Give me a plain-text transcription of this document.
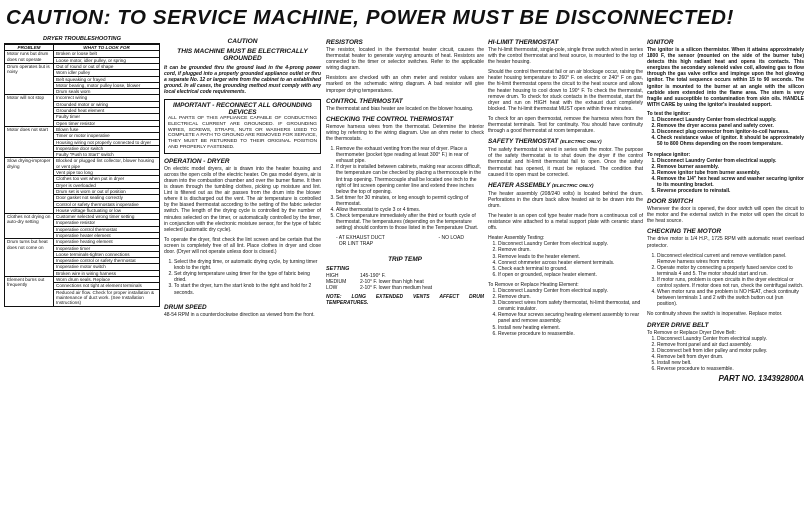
CAUTION: TO SERVICE MACHINE, POWER MUST BE DISCONNECTED!
DRYER TROUBLESHOOTING
PROBLEM	WHAT TO LOOK FOR
Motor runs but drum does not operate	Broken or loose belt
	Loose motor, idler pulley, or spring
Drum operates but is noisy	Out of round or out of shape
	Worn idler pulley
	Belt squeaking or frayed
	Motor bearing, motor pulley loose, blower
	Drum seals worn
Motor will not stop	Incorrect wiring
	Grounded motor or wiring
	Grounded heat element
	Faulty timer
	Open timer resistor
Motor does not start	Blown fuse
	Timer or motor inoperative
	Housing wiring not properly connected to dryer
	Inoperative door switch
	Faulty "Push to Start" switch
Slow drying-improper drying	Blocked or plugged lint collector, blower housing or vent pipe
	Vent pipe too long
	Clothes too wet when put in dryer
	Dryer is overloaded
	Drum set is worn or out of position
	Door gasket not sealing correctly
	Control or safety thermostats inoperative
	House voltage fluctuating or low
Clothes not drying on auto-dry setting	Customer selected wrong timer setting
	Inoperative resistor
	Inoperative control thermostat
	Inoperative heater element
Drum turns but heat does not come on	Inoperative heating element
	Inoperative timer
	Loose terminals-tighten connections
	Inoperative control or safety thermostat
	Inoperative motor switch
	Broken wire in wiring harness
Element burns out frequently	Worn drum seals. Replace
	Connections not tight at element terminals
	Reduced air flow. Check for proper installation & maintenance of duct work. (See Installation Instructions)
CAUTION
THIS MACHINE MUST BE ELECTRICALLY GROUNDED
It can be grounded thru the ground lead in the 4-prong power cord, if plugged into a properly grounded appliance outlet or thru a separate No. 12 or larger wire from the cabinet to an established ground. In all cases, the grounding method must comply with any local electrical code requirements.
IMPORTANT - RECONNECT ALL GROUNDING DEVICES
ALL PARTS OF THIS APPLIANCE CAPABLE OF CONDUCTING ELECTRICAL CURRENT ARE GROUNDED. IF GROUNDING WIRES, SCREWS, STRAPS, NUTS OR WASHERS USED TO COMPLETE A PATH TO GROUND ARE REMOVED FOR SERVICE, THEY MUST BE RETURNED TO THEIR ORIGINAL POSITION AND PROPERLY FASTENED.
OPERATION - DRYER

On electric model dryers, air is drawn into the heater housing and across the open coils of the electric heater. On gas model dryers, air is drawn into the combustion chamber and over the burner flame. It then is drawn through the tumbling clothes, picking up moisture and lint. Lint is filtered out as the air passes from the drum into the blower where it is discharged out the vent. The air temperature is controlled by the biased thermostat according to the setting of the fabric selector switch. The length of the drying cycle is controlled by the number of minutes selected on the timer, or automatically controlled by the timer, in conjunction with the electronic moisture sensor, for the type of fabric selected (automatic dry cycle).

To operate the dryer, first check the lint screen and be certain that the screen is completely free of all lint. Place clothes in dryer and close door. (Dryer will not operate unless door is closed.)

1. Select the drying time, or automatic drying cycle, by turning timer knob to the right.
2. Set drying temperature using timer for the type of fabric being dried.
3. To start the dryer, turn the start knob to the right and hold for 2 seconds.
DRUM SPEED

48-54 RPM in a counterclockwise direction as viewed from the front.

RESISTORS

The resistor, located in the thermostat heater circuit, causes the thermostat heater to generate varying amounts of heat. Resistors are connected to the timer or selector switches. Refer to the applicable wiring diagram.

Resistors are checked with an ohm meter and resistor values are marked on the schematic wiring diagram. A bad resistor will give improper drying temperatures.

CONTROL THERMOSTAT

The thermostat and bias heater are located on the blower housing.

CHECKING THE CONTROL THERMOSTAT

Remove harness wires from the thermostat. Determine the interior wiring by referring to the wiring diagram. Use an ohm meter to check the thermostats.

1. Remove the exhaust venting from the rear of dryer. Place a thermometer (pocket type reading at least 300° F.) in rear of exhaust pipe.
2. If dryer is installed between cabinets, making rear access difficult, the temperature can be checked by placing a thermocouple in the lint trap opening. Thermocouple shall be located one inch to the right of lint screen opening center line and extend three inches below the top of opening.
3. Set timer for 30 minutes, or long enough to permit cycling of thermostat.
4. Allow thermostat to cycle 3 or 4 times.
5. Check temperature immediately after the third or fourth cycle of thermostat. The temperatures (depending on the temperature setting) should conform to those listed in the Temperature Chart.
- AT EXHAUST DUCT
OR LINT TRAP
- NO LOAD
TRIP TEMP
SETTING
HIGH	145-190° F.
MEDIUM	2-10° F. lower than high heat
LOW	2-10° F. lower than medium heat

NOTE: LONG EXTENDED VENTS AFFECT DRUM TEMPERATURES.

HI-LIMIT THERMOSTAT

The hi-limit thermostat, single-pole, single throw switch wired in series with the control thermostat and heat source, is mounted to the top of the heater housing.

Should the control thermostat fail or an air blockage occur, raising the heater housing temperature to 260° F. on electric or 240° F on gas, the hi-limit thermostat opens the circuit to the heat source and allows the heater housing to cool down to 190° F. To check the thermostat, remove drum. To check for stuck contacts in the thermostat, start the dryer and run on HIGH heat with the exhaust duct completely blocked. The hi-limit thermostat MUST open within three minutes.

To check for an open thermostat, remove the harness wires from the thermostat terminals. Test for continuity. You should have continuity through a good thermostat at room temperature.

SAFETY THERMOSTAT (ELECTRIC ONLY)

The safety thermostat is wired in series with the motor. The purpose of the safety thermostat is to shut down the dryer if the control thermostat and hi-limit thermostat fail to open. Once the safety thermostat has opened, it must be replaced. The condition that caused it to open must be corrected.

HEATER ASSEMBLY (ELECTRIC ONLY)

The heater assembly (208/240 volts) is located behind the drum. Perforations in the drum back allow heated air to be drawn into the drum.

The heater is an open coil type heater made from a continuous coil of resistance wire attached to a metal support plate with ceramic stand offs.

Heater Assembly Testing:
1. Disconnect Laundry Center from electrical supply.
2. Remove drum.
3. Remove leads to the heater element.
4. Connect ohmmeter across heater element terminals.
5. Check each terminal to ground.
6. If open or grounded, replace heater element.
To Remove or Replace Heating Element:
1. Disconnect Laundry Center from electrical supply.
2. Remove drum.
3. Disconnect wires from safety thermostat, hi-limit thermostat, and ceramic insulator.
4. Remove four screws securing heating element assembly to rear panel and remove assembly.
5. Install new heating element.
6. Reverse procedure to reassemble.
IGNITOR

The ignitor is a silicon thermistor. When it attains approximately 1800 F, the sensor (mounted on the side of the burner tube) detects this high radiant heat and opens its contacts. This energizes the secondary solenoid valve coil, allowing gas to flow through the gas valve orifice and impinge upon the hot glowing ignitor. The total sequence occurs within 15 to 90 seconds. The ignitor is mounted to the burner at an angle with the silicon carbide stem extended into the flame area. The stem is very fragile and susceptible to contamination from skin oils. HANDLE WITH CARE by using the ignitor's insulated support.

To test the ignitor:
1. Disconnect Laundry Center from electrical supply.
2. Remove the dryer access panel and safety cover.
3. Disconnect plug connector from ignitor-to-coil harness.
4. Check resistance value of ignitor. It should be approximately 50 to 800 Ohms depending on the room temperature.
To replace ignitor:
1. Disconnect Laundry Center from electrical supply.
2. Remove burner assembly.
3. Remove ignitor tube from burner assembly.
4. Remove the 1/4" hex head screw and washer securing ignitor to its mounting bracket.
5. Reverse procedure to reinstall.
DOOR SWITCH

Whenever the door is opened, the door switch will open the circuit to the motor and the external switch in the motor will open the circuit to the heat source.

CHECKING THE MOTOR

The drive motor is 1/4 H.P., 1725 RPM with automatic reset overload protector.

1. Disconnect electrical current and remove ventilation panel. Remove harness wires from motor.
2. Operate motor by connecting a properly fused service cord to terminals 4 and 5. The motor should start and run.
3. If motor runs, problem is open circuits in the dryer electrical or control system. If motor does not run, check the centrifugal switch.
4. When motor runs and the problem is NO HEAT, check continuity between terminals 1 and 2 with the switch button out (run position).

No continuity shows the switch is inoperative. Replace motor.

DRYER DRIVE BELT
To Remove or Replace Dryer Drive Belt:
1. Disconnect Laundry Center from electrical supply.
2. Remove front panel and air duct assembly.
3. Disconnect belt from idler pulley and motor pulley.
4. Remove belt from dryer drum.
5. Install new belt.
6. Reverse procedure to reassemble.
PART NO. 134392800A
